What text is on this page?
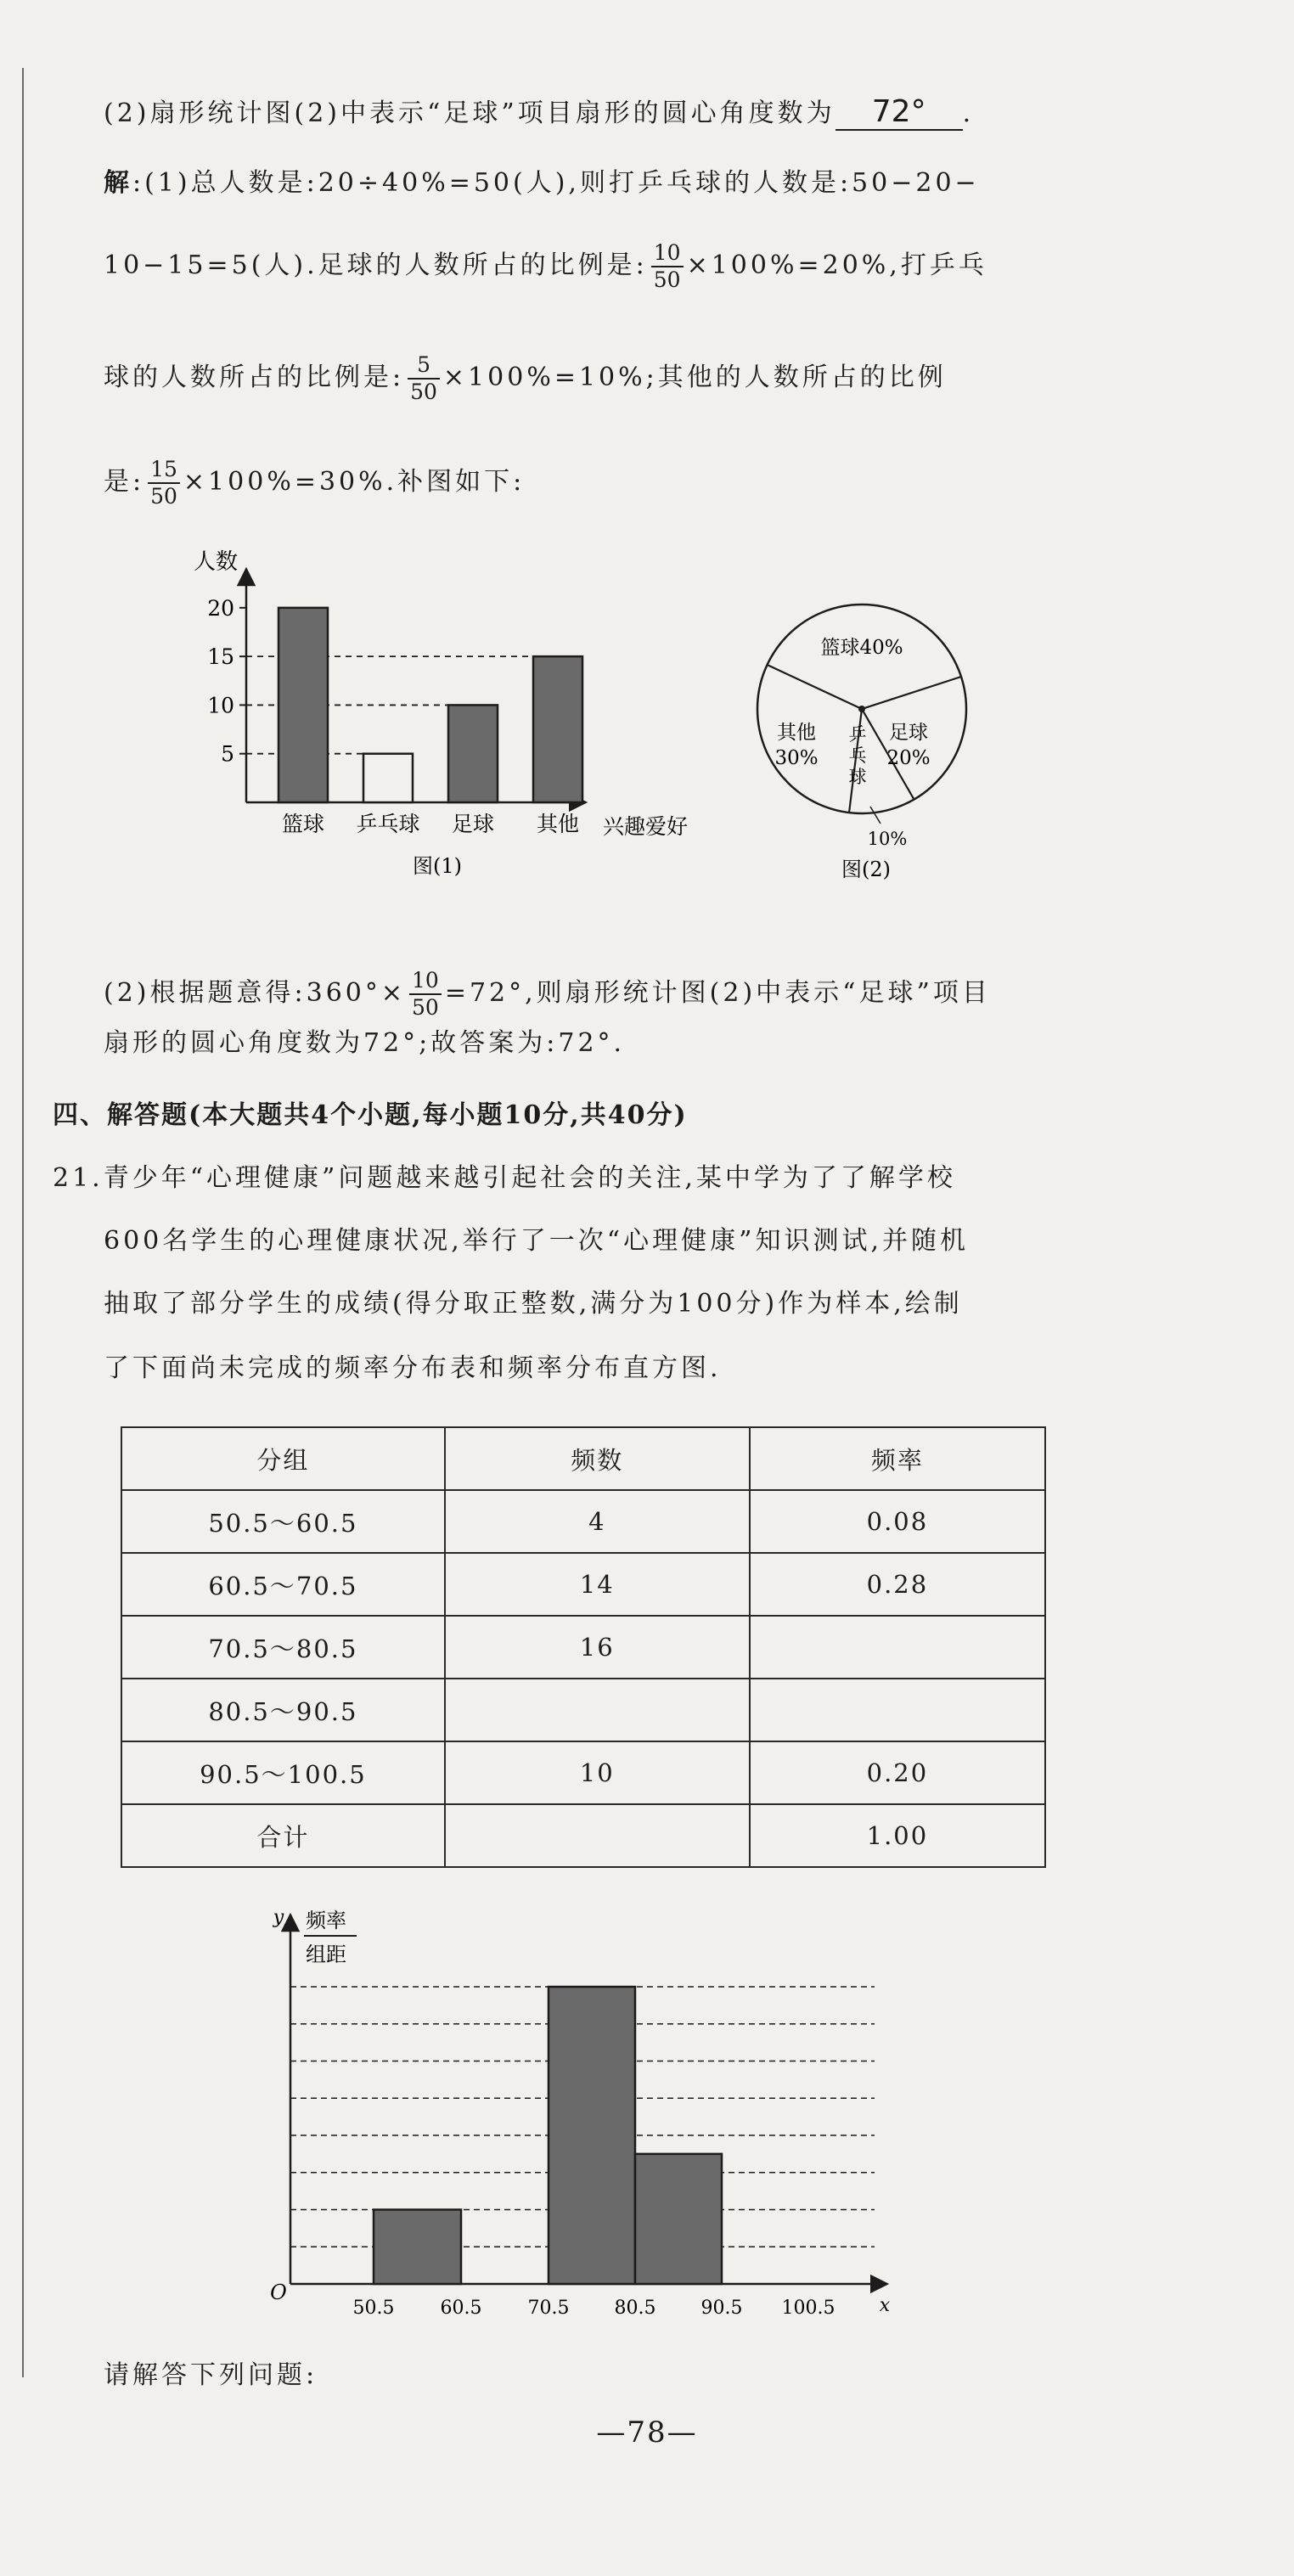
(2)扇形统计图(2)中表示“足球”项目扇形的圆心角度数为 72° .
解:(1)总人数是:20÷40%=50(人),则打乒乓球的人数是:50−20−
10−15=5(人).足球的人数所占的比例是: $\frac{10}{50} \times 100\%=20\%$,打乒乓
球的人数所占的比例是: $\frac{5}{50} \times 100\%=10\%$;其他的人数所占的比例
是: $\frac{15}{50} \times 100\%=30\%$.补图如下:
人数
兴趣爱好
图(1)
5
10
15
20
篮球 乒乓球 足球 其他
篮球40%
足球
20%
其他
30%
乒
乓
球
10%
图(2)
(2)根据题意得:360°× $\frac{10}{50} =72^\circ$,则扇形统计图(2)中表示“足球”项目
扇形的圆心角度数为72°;故答案为:72°.
四、解答题(本大题共4个小题,每小题10分,共40分)
21.青少年“心理健康”问题越来越引起社会的关注,某中学为了了解学校
600名学生的心理健康状况,举行了一次“心理健康”知识测试,并随机
抽取了部分学生的成绩(得分取正整数,满分为100分)作为样本,绘制
了下面尚未完成的频率分布表和频率分布直方图.
分组	频数	频率
50.5～60.5	4	0.08
60.5～70.5	14	0.28
70.5～80.5	16	
80.5～90.5		
90.5～100.5	10	0.20
合计		1.00
y 频率
组距
O
x
50.5 60.5 70.5 80.5 90.5 100.5
请解答下列问题:
—78—
